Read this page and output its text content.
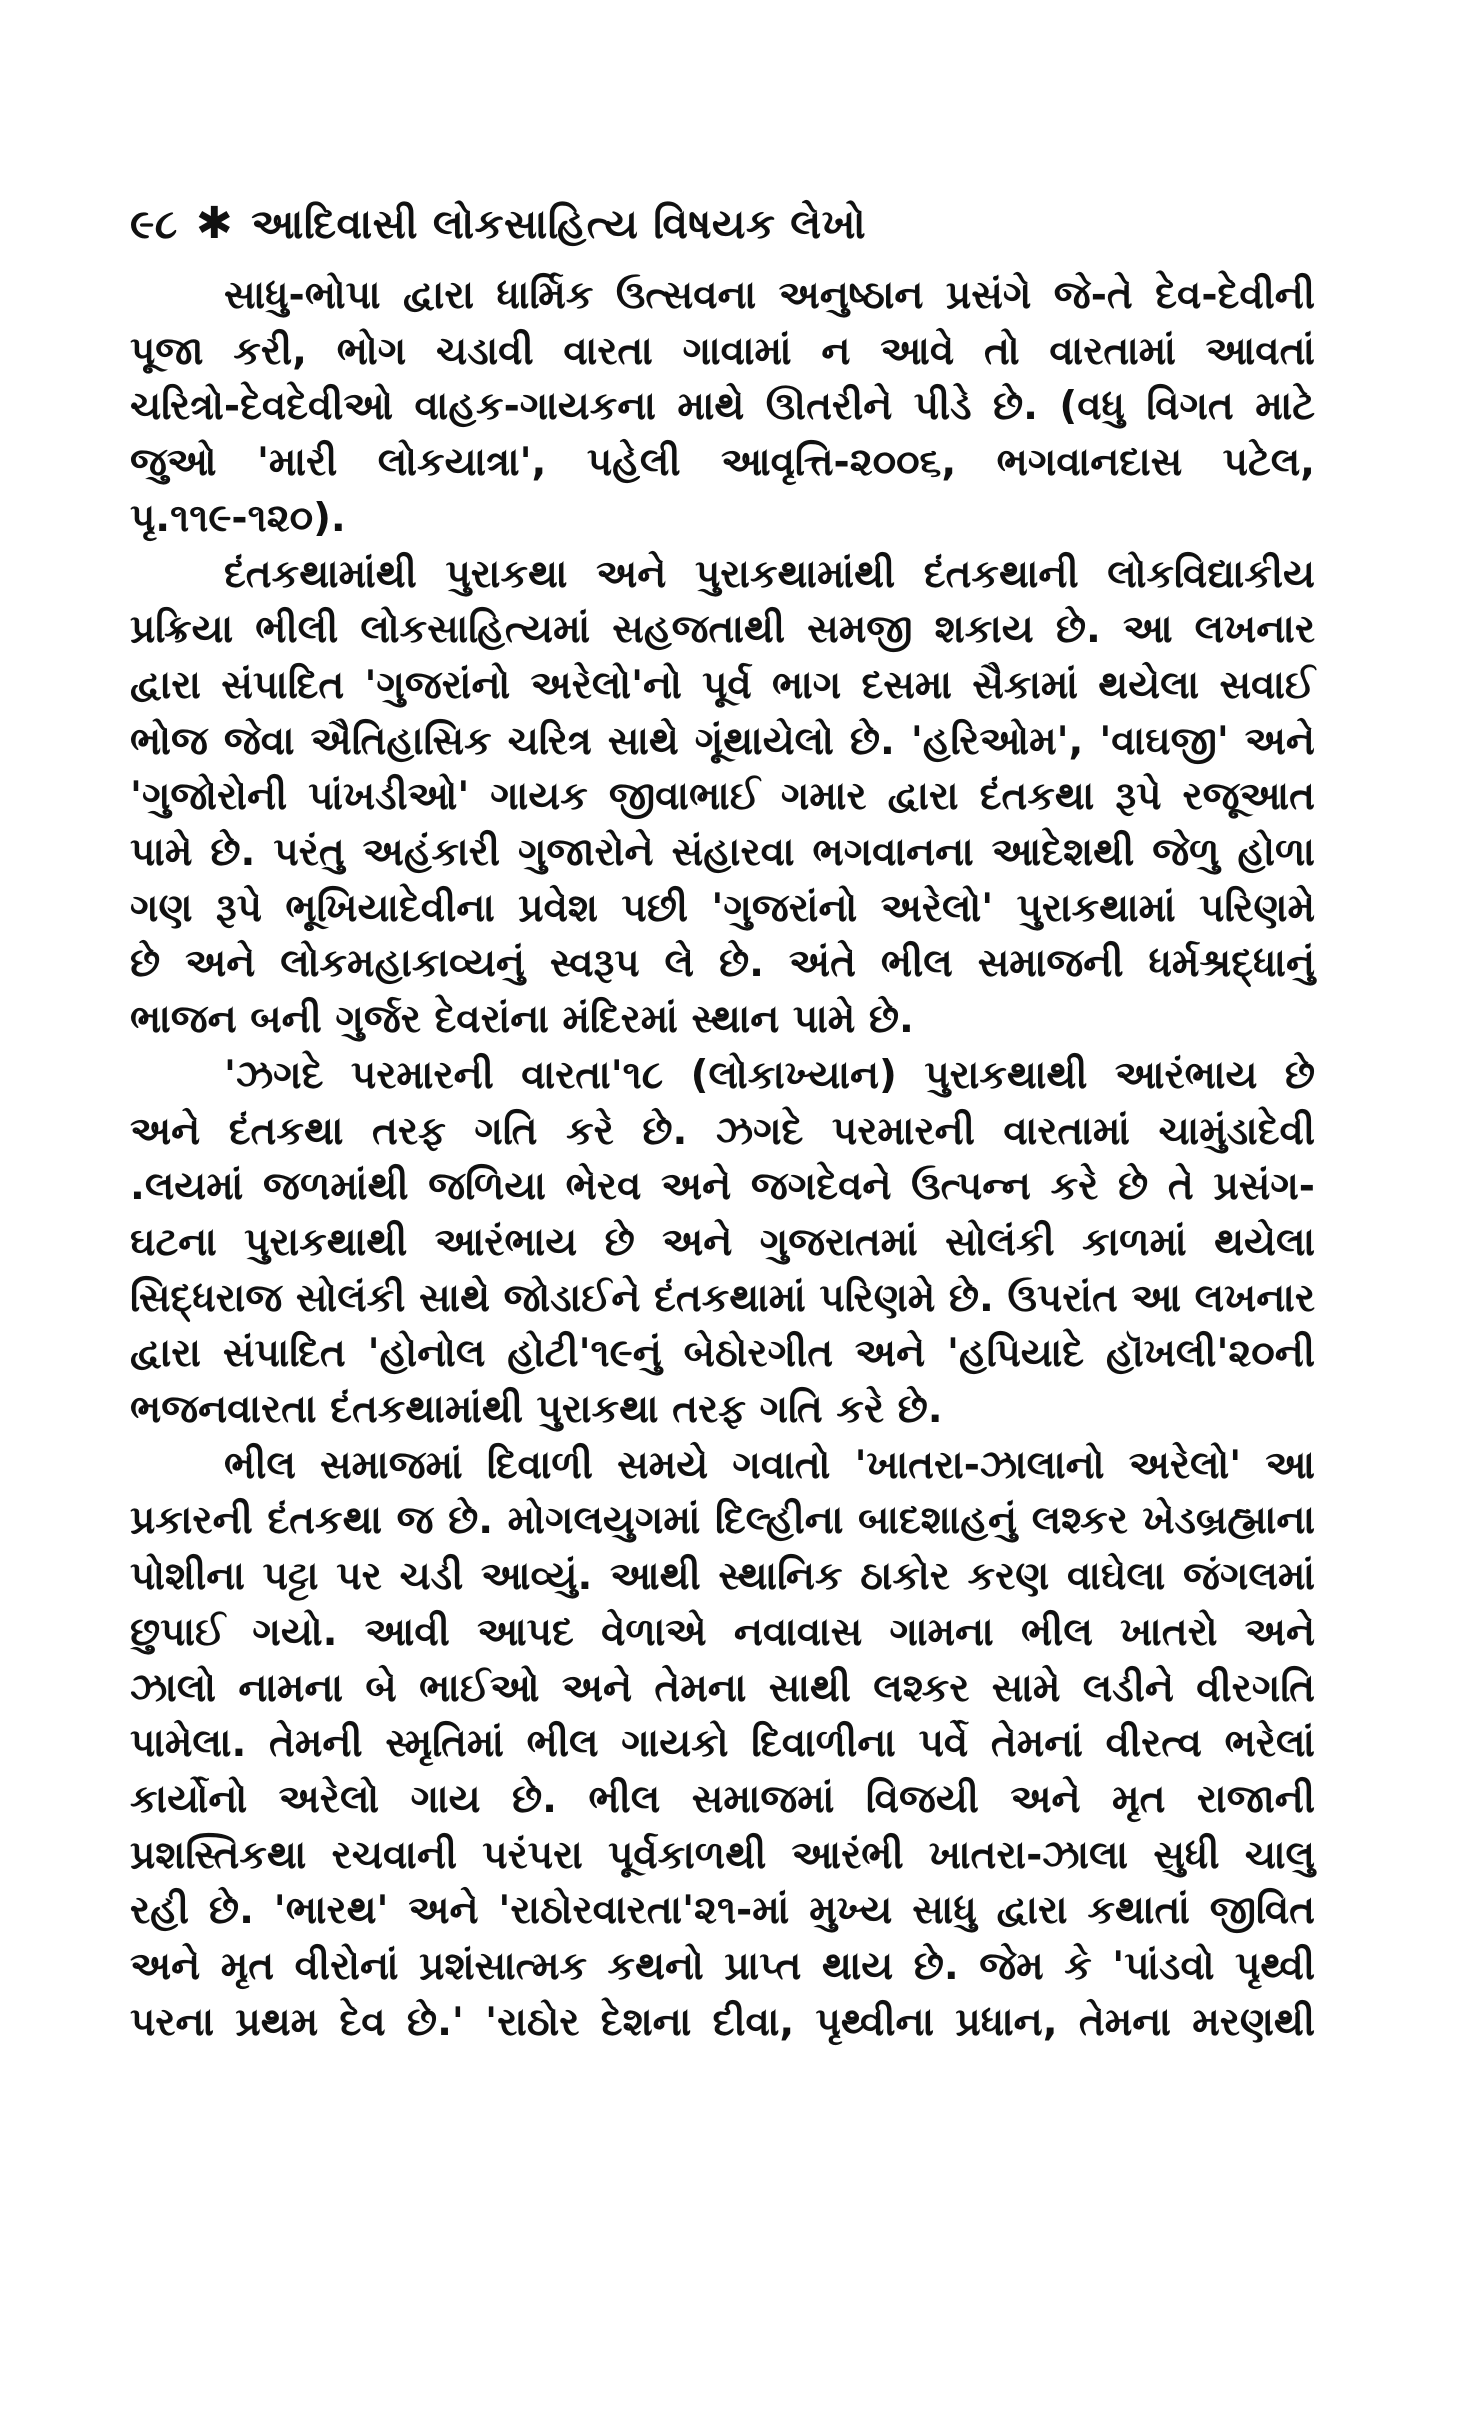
૯૮ ✱ આદિવાસી લોકસાહિત્ય વિષયક લેખો

સાધુ-ભોપા દ્વારા ધાર્મિક ઉત્સવના અનુષ્ઠાન પ્રસંગે જે-તે દેવ-દેવીની
પૂજા કરી, ભોગ ચડાવી વારતા ગાવામાં ન આવે તો વારતામાં આવતાં
ચરિત્રો-દેવદેવીઓ વાહક-ગાયકના માથે ઊતરીને પીડે છે. (વધુ વિગત માટે
જુઓ 'મારી લોકયાત્રા', પહેલી આવૃત્તિ-૨૦૦૬, ભગવાનદાસ પટેલ,
પૃ.૧૧૯-૧૨૦).

દંતકથામાંથી પુરાકથા અને પુરાકથામાંથી દંતકથાની લોકવિદ્યાકીય
પ્રક્રિયા ભીલી લોકસાહિત્યમાં સહજતાથી સમજી શકાય છે. આ લખનાર
દ્વારા સંપાદિત 'ગુજરાંનો અરેલો'નો પૂર્વ ભાગ દસમા સૈકામાં થયેલા સવાઈ
ભોજ જેવા ઐતિહાસિક ચરિત્ર સાથે ગૂંથાયેલો છે. 'હરિઓમ', 'વાઘજી' અને
'ગુજોરોની પાંખડીઓ' ગાયક જીવાભાઈ ગમાર દ્વારા દંતકથા રૂપે રજૂઆત
પામે છે. પરંતુ અહંકારી ગુજારોને સંહારવા ભગવાનના આદેશથી જેળુ હોળા
ગણ રૂપે ભૂખિયાદેવીના પ્રવેશ પછી 'ગુજરાંનો અરેલો' પુરાકથામાં પરિણમે
છે અને લોકમહાકાવ્યનું સ્વરૂપ લે છે. અંતે ભીલ સમાજની ધર્મશ્રદ્ધાનું
ભાજન બની ગુર્જર દેવરાંના મંદિરમાં સ્થાન પામે છે.

'ઝગદે પરમારની વારતા'૧૮ (લોકાખ્યાન) પુરાકથાથી આરંભાય છે
અને દંતકથા તરફ ગતિ કરે છે. ઝગદે પરમારની વારતામાં ચામુંડાદેવી
.લયમાં જળમાંથી જળિયા ભેરવ અને જગદેવને ઉત્પન્ન કરે છે તે પ્રસંગ-
ઘટના પુરાકથાથી આરંભાય છે અને ગુજરાતમાં સોલંકી કાળમાં થયેલા
સિદ્ધરાજ સોલંકી સાથે જોડાઈને દંતકથામાં પરિણમે છે. ઉપરાંત આ લખનાર
દ્વારા સંપાદિત 'હોનોલ હોટી'૧૯નું બેઠોરગીત અને 'હપિયાદે હૉખલી'૨૦ની
ભજનવારતા દંતકથામાંથી પુરાકથા તરફ ગતિ કરે છે.

ભીલ સમાજમાં દિવાળી સમયે ગવાતો 'ખાતરા-ઝાલાનો અરેલો' આ
પ્રકારની દંતકથા જ છે. મોગલયુગમાં દિલ્હીના બાદશાહનું લશ્કર ખેડબ્રહ્માના
પોશીના પટ્ટા પર ચડી આવ્યું. આથી સ્થાનિક ઠાકોર કરણ વાઘેલા જંગલમાં
છુપાઈ ગયો. આવી આપદ વેળાએ નવાવાસ ગામના ભીલ ખાતરો અને
ઝાલો નામના બે ભાઈઓ અને તેમના સાથી લશ્કર સામે લડીને વીરગતિ
પામેલા. તેમની સ્મૃતિમાં ભીલ ગાયકો દિવાળીના પર્વે તેમનાં વીરત્વ ભરેલાં
કાર્યોનો અરેલો ગાય છે. ભીલ સમાજમાં વિજયી અને મૃત રાજાની
પ્રશસ્તિકથા રચવાની પરંપરા પૂર્વકાળથી આરંભી ખાતરા-ઝાલા સુધી ચાલુ
રહી છે. 'ભારથ' અને 'રાઠોરવારતા'૨૧-માં મુખ્ય સાધુ દ્વારા કથાતાં જીવિત
અને મૃત વીરોનાં પ્રશંસાત્મક કથનો પ્રાપ્ત થાય છે. જેમ કે 'પાંડવો પૃથ્વી
પરના પ્રથમ દેવ છે.' 'રાઠોર દેશના દીવા, પૃથ્વીના પ્રધાન, તેમના મરણથી
